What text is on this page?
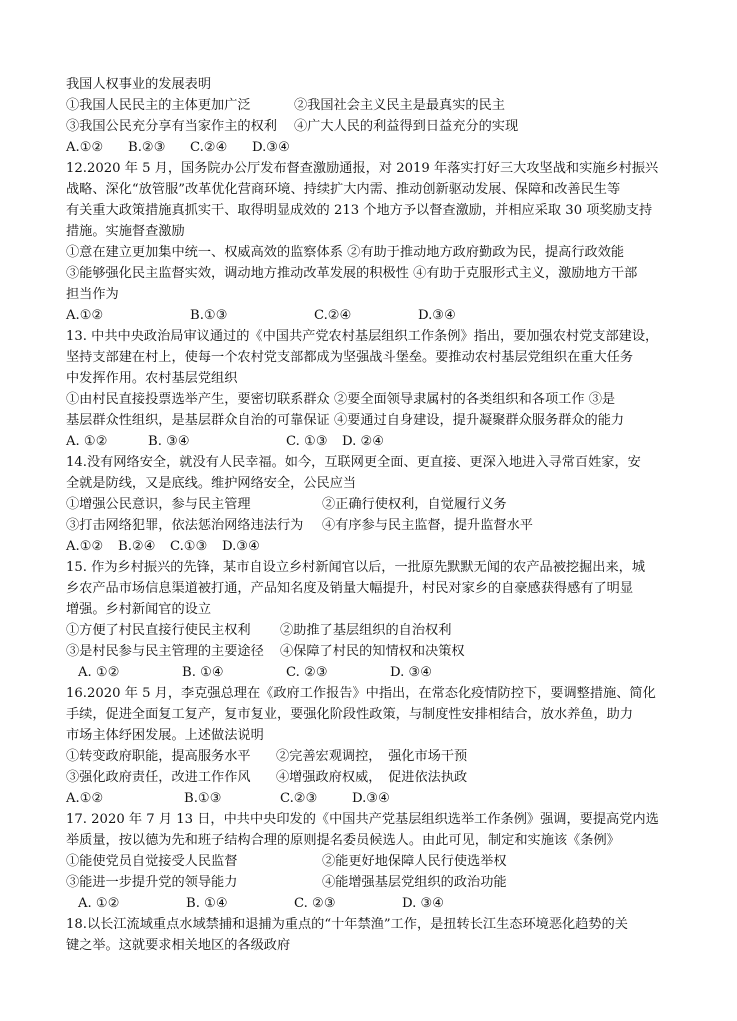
我国人权事业的发展表明
①我国人民民主的主体更加广泛	②我国社会主义民主是最真实的民主
③我国公民充分享有当家作主的权利	④广大人民的利益得到日益充分的实现
A.①②	B.②③	C.②④	D.③④
12.2020 年 5 月，国务院办公厅发布督查激励通报，对 2019 年落实打好三大攻坚战和实施乡村振兴
战略、深化“放管服”改革优化营商环境、持续扩大内需、推动创新驱动发展、保障和改善民生等
有关重大政策措施真抓实干、取得明显成效的 213 个地方予以督查激励，并相应采取 30 项奖励支持
措施。实施督查激励
①意在建立更加集中统一、权威高效的监察体系 ②有助于推动地方政府勤政为民，提高行政效能
③能够强化民主监督实效，调动地方推动改革发展的积极性 ④有助于克服形式主义，激励地方干部
担当作为
A.①②	B.①③	C.②④	D.③④
13. 中共中央政治局审议通过的《中国共产党农村基层组织工作条例》指出，要加强农村党支部建设，
坚持支部建在村上，使每一个农村党支部都成为坚强战斗堡垒。要推动农村基层党组织在重大任务
中发挥作用。农村基层党组织
①由村民直接投票选举产生，要密切联系群众 ②要全面领导隶属村的各类组织和各项工作 ③是
基层群众性组织，是基层群众自治的可靠保证 ④要通过自身建设，提升凝聚群众服务群众的能力
A. ①②	B. ③④	C. ①③	D. ②④
14.没有网络安全，就没有人民幸福。如今，互联网更全面、更直接、更深入地进入寻常百姓家，安
全就是防线，又是底线。维护网络安全，公民应当
①增强公民意识，参与民主管理	②正确行使权利，自觉履行义务
③打击网络犯罪，依法惩治网络违法行为	④有序参与民主监督，提升监督水平
A.①②	B.②④	C.①③	D.③④
15. 作为乡村振兴的先锋，某市自设立乡村新闻官以后，一批原先默默无闻的农产品被挖掘出来，城
乡农产品市场信息渠道被打通，产品知名度及销量大幅提升，村民对家乡的自豪感获得感有了明显
增强。乡村新闻官的设立
①方便了村民直接行使民主权利	②助推了基层组织的自治权利
③是村民参与民主管理的主要途径	④保障了村民的知情权和决策权
A. ①②	B. ①④	C. ②③	D. ③④
16.2020 年 5 月，李克强总理在《政府工作报告》中指出，在常态化疫情防控下，要调整措施、简化
手续，促进全面复工复产，复市复业，要强化阶段性政策，与制度性安排相结合，放水养鱼，助力
市场主体纾困发展。上述做法说明
①转变政府职能，提高服务水平	②完善宏观调控，　强化市场干预
③强化政府责任，改进工作作风	④增强政府权威，　促进依法执政
A.①②	B.①③	C.②③	D.③④
17. 2020 年 7 月 13 日，中共中央印发的《中国共产党基层组织选举工作条例》强调，要提高党内选
举质量，按以德为先和班子结构合理的原则提名委员候选人。由此可见，制定和实施该《条例》
①能使党员自觉接受人民监督	②能更好地保障人民行使选举权
③能进一步提升党的领导能力	④能增强基层党组织的政治功能
A. ①②	B. ①④	C. ②③	D. ③④
18.以长江流域重点水域禁捕和退捕为重点的“十年禁渔”工作，是扭转长江生态环境恶化趋势的关
键之举。这就要求相关地区的各级政府
